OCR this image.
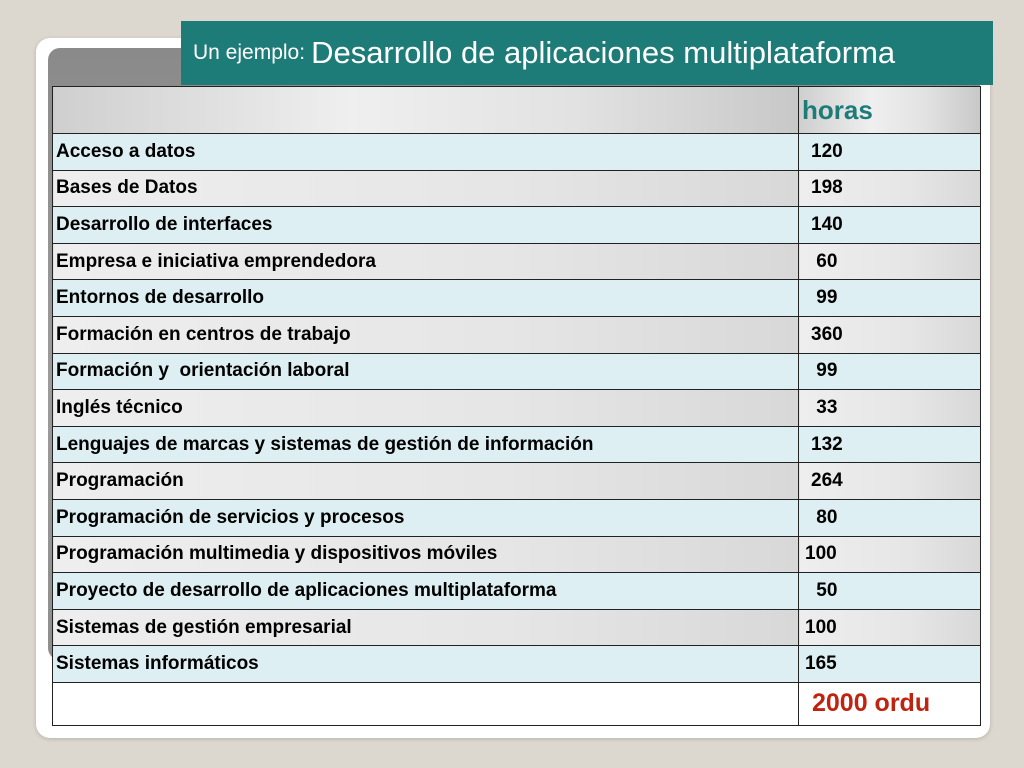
Un ejemplo: Desarrollo de aplicaciones multiplataforma
	horas
Acceso a datos	120
Bases de Datos	198
Desarrollo de interfaces	140
Empresa e iniciativa emprendedora	60
Entornos de desarrollo	99
Formación en centros de trabajo	360
Formación y  orientación laboral	99
Inglés técnico	33
Lenguajes de marcas y sistemas de gestión de información	132
Programación	264
Programación de servicios y procesos	80
Programación multimedia y dispositivos móviles	100
Proyecto de desarrollo de aplicaciones multiplataforma	50
Sistemas de gestión empresarial	100
Sistemas informáticos	165
	2000 ordu
